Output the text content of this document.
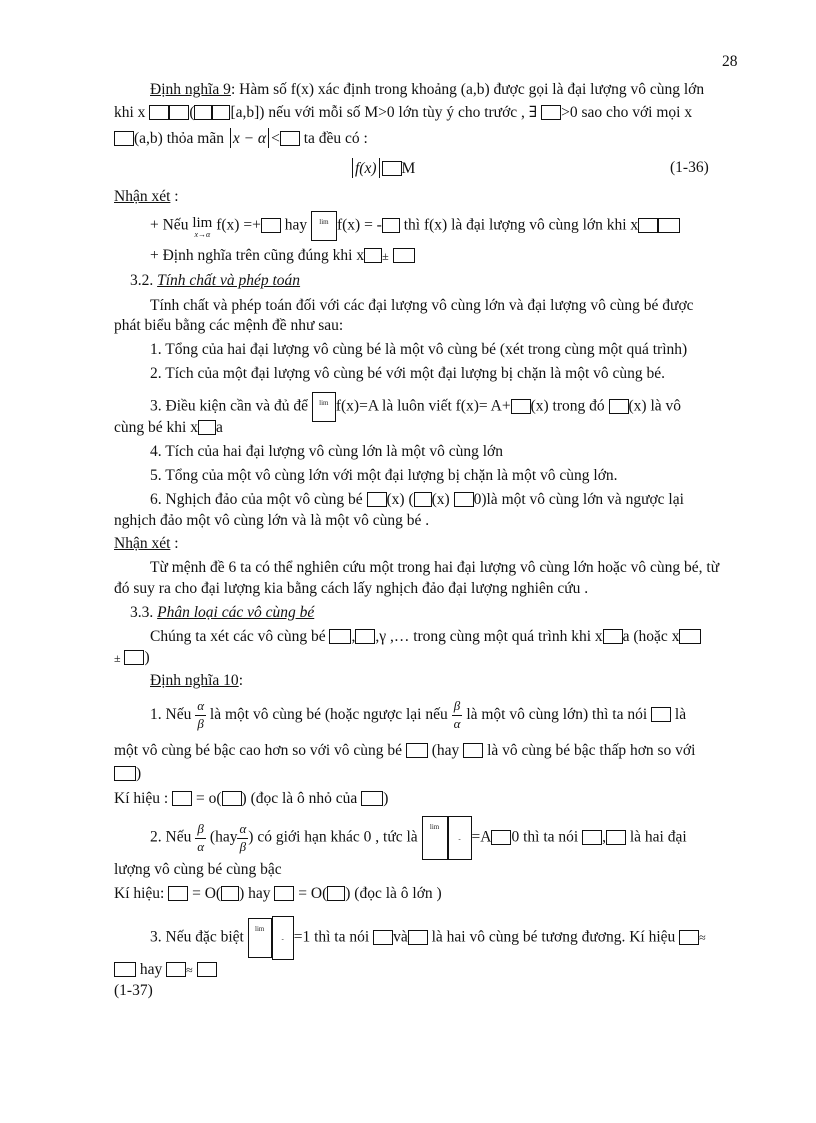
28
Định nghĩa 9: Hàm số f(x) xác định trong khoảng (a,b) được gọi là đại lượng vô cùng lớn
khi x	( [a,b]) nếu với mỗi số M>0 lớn tùy ý cho trước , ∃ >0 sao cho với mọi x
(a,b) thỏa mãn x − α < ta đều có :
f(x) M	(1-36)
Nhận xét :
+ Nếu lim
x→α
f(x) =+ hay lim f(x) = - thì f(x) là đại lượng vô cùng lớn khi x
+ Định nghĩa trên cũng đúng khi x ±
3.2. Tính chất và phép toán
Tính chất và phép toán đối với các đại lượng vô cùng lớn và đại lượng vô cùng bé được
phát biểu bằng các mệnh đề như sau:
1. Tổng của hai đại lượng vô cùng bé là một vô cùng bé (xét trong cùng một quá trình)
2. Tích của một đại lượng vô cùng bé với một đại lượng bị chặn là một vô cùng bé.
3. Điều kiện cần và đủ để lim f(x)=A là luôn viết f(x)= A+ (x) trong đó (x) là vô
cùng bé khi x a
4. Tích của hai đại lượng vô cùng lớn là một vô cùng lớn
5. Tổng của một vô cùng lớn với một đại lượng bị chặn là một vô cùng lớn.
6. Nghịch đảo của một vô cùng bé (x) ( (x) 0)là một vô cùng lớn và ngược lại
nghịch đảo một vô cùng lớn và là một vô cùng bé .
Nhận xét :
Từ mệnh đề 6 ta có thể nghiên cứu một trong hai đại lượng vô cùng lớn hoặc vô cùng bé, từ
đó suy ra cho đại lượng kia bằng cách lấy nghịch đảo đại lượng nghiên cứu .
3.3. Phân loại các vô cùng bé
Chúng ta xét các vô cùng bé , ,γ ,… trong cùng một quá trình khi x a (hoặc x
± )
Định nghĩa 10:
1. Nếu $\frac{\alpha}{\beta}$ là một vô cùng bé (hoặc ngược lại nếu $\frac{\beta}{\alpha}$ là một vô cùng lớn) thì ta nói  là
một vô cùng bé bậc cao hơn so với vô cùng bé  (hay  là vô cùng bé bậc thấp hơn so với
)
Kí hiệu :  = o( ) (đọc là ô nhỏ của )
2. Nếu $\frac{\beta}{\alpha} (hay \frac{\alpha}{\beta}$ ) có giới hạn khác 0 , tức là
lim
- =A 0 thì ta nói , là hai đại
lượng vô cùng bé cùng bậc
Kí hiệu:  = O( ) hay  = O( ) (đọc là ô lớn )
3. Nếu đặc biệt lim
- =1 thì ta nói và là hai vô cùng bé tương đương. Kí hiệu ≈
hay ≈
(1-37)
